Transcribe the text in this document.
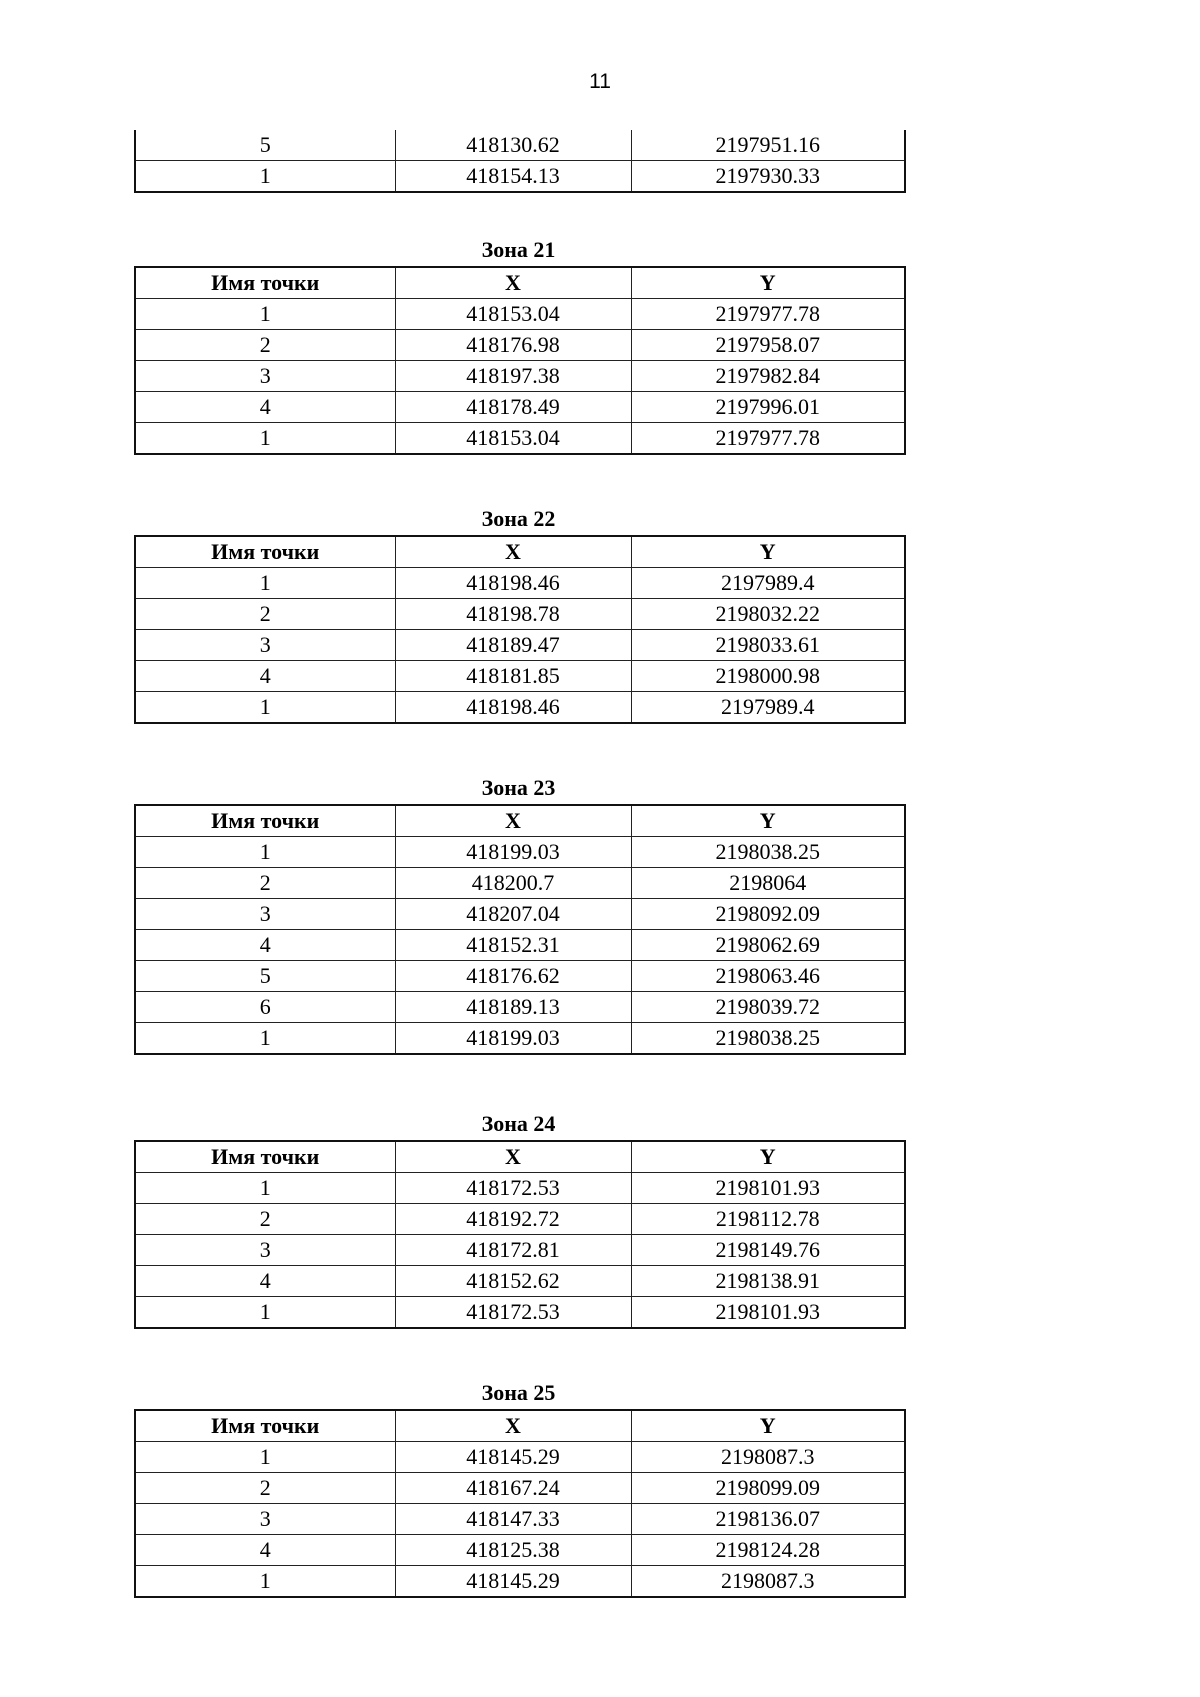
11
5	418130.62	2197951.16
1	418154.13	2197930.33
Зона 21
Имя точки	X	Y
1	418153.04	2197977.78
2	418176.98	2197958.07
3	418197.38	2197982.84
4	418178.49	2197996.01
1	418153.04	2197977.78
Зона 22
Имя точки	X	Y
1	418198.46	2197989.4
2	418198.78	2198032.22
3	418189.47	2198033.61
4	418181.85	2198000.98
1	418198.46	2197989.4
Зона 23
Имя точки	X	Y
1	418199.03	2198038.25
2	418200.7	2198064
3	418207.04	2198092.09
4	418152.31	2198062.69
5	418176.62	2198063.46
6	418189.13	2198039.72
1	418199.03	2198038.25
Зона 24
Имя точки	X	Y
1	418172.53	2198101.93
2	418192.72	2198112.78
3	418172.81	2198149.76
4	418152.62	2198138.91
1	418172.53	2198101.93
Зона 25
Имя точки	X	Y
1	418145.29	2198087.3
2	418167.24	2198099.09
3	418147.33	2198136.07
4	418125.38	2198124.28
1	418145.29	2198087.3
